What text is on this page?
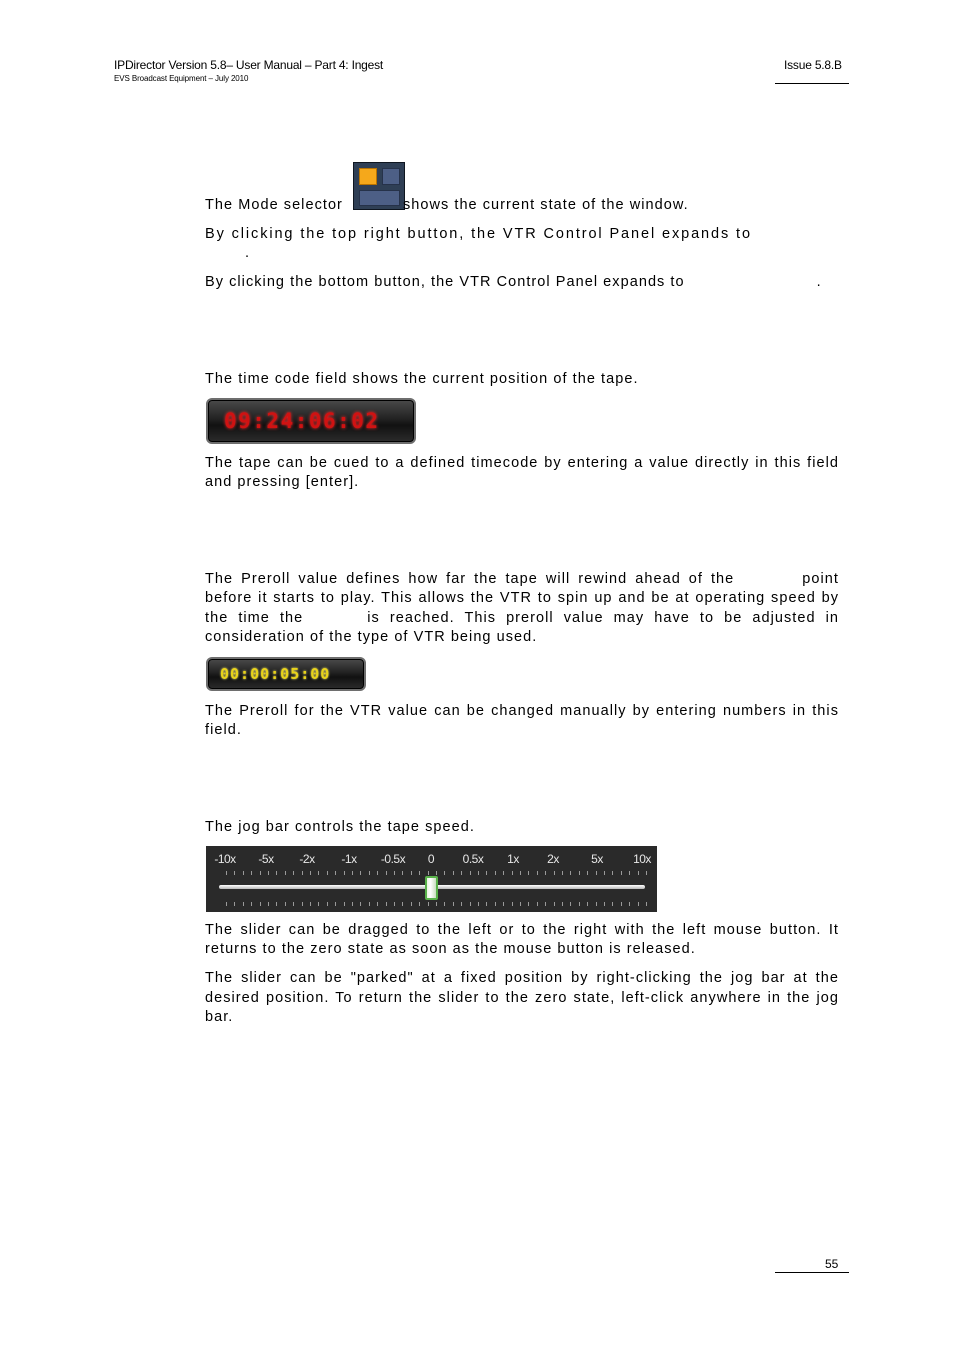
IPDirector Version 5.8– User Manual – Part 4: Ingest
EVS Broadcast Equipment – July 2010
Issue 5.8.B

The Mode selector	shows the current state of the window.

By clicking the top right button, the VTR Control Panel expands to

.

By clicking the bottom button, the VTR Control Panel expands to	.

The time code field shows the current position of the tape.

09:24:06:02

The tape can be cued to a defined timecode by entering a value directly in this field and pressing [enter].

The Preroll value defines how far the tape will rewind ahead of the	point before it starts to play. This allows the VTR to spin up and be at operating speed by the time the	is reached. This preroll value may have to be adjusted in consideration of the type of VTR being used.

00:00:05:00

The Preroll for the VTR value can be changed manually by entering numbers in this field.

The jog bar controls the tape speed.

-10x -5x -2x -1x -0.5x 0 0.5x 1x 2x	5x	10x

The slider can be dragged to the left or to the right with the left mouse button. It returns to the zero state as soon as the mouse button is released.

The slider can be "parked" at a fixed position by right-clicking the jog bar at the desired position. To return the slider to the zero state, left-click anywhere in the jog bar.

55
